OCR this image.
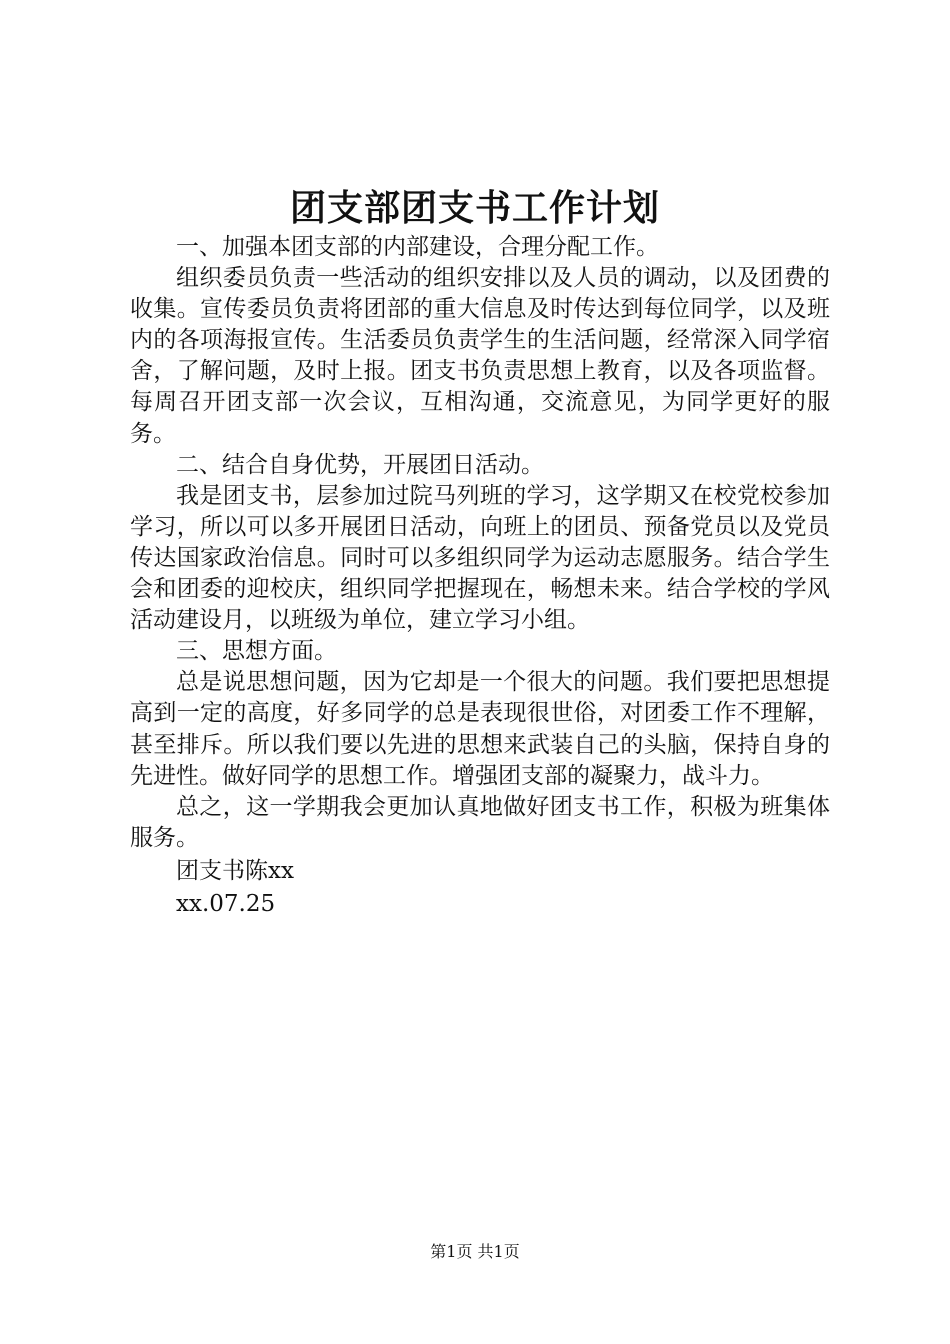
团支部团支书工作计划

一、加强本团支部的内部建设，合理分配工作。

组织委员负责一些活动的组织安排以及人员的调动，以及团费的收集。宣传委员负责将团部的重大信息及时传达到每位同学，以及班内的各项海报宣传。生活委员负责学生的生活问题，经常深入同学宿舍，了解问题，及时上报。团支书负责思想上教育，以及各项监督。每周召开团支部一次会议，互相沟通，交流意见，为同学更好的服务。

二、结合自身优势，开展团日活动。

我是团支书，层参加过院马列班的学习，这学期又在校党校参加学习，所以可以多开展团日活动，向班上的团员、预备党员以及党员传达国家政治信息。同时可以多组织同学为运动志愿服务。结合学生会和团委的迎校庆，组织同学把握现在，畅想未来。结合学校的学风活动建设月，以班级为单位，建立学习小组。

三、思想方面。

总是说思想问题，因为它却是一个很大的问题。我们要把思想提高到一定的高度，好多同学的总是表现很世俗，对团委工作不理解，甚至排斥。所以我们要以先进的思想来武装自己的头脑，保持自身的先进性。做好同学的思想工作。增强团支部的凝聚力，战斗力。

总之，这一学期我会更加认真地做好团支书工作，积极为班集体服务。

团支书陈xx

xx.07.25

第1页 共1页
